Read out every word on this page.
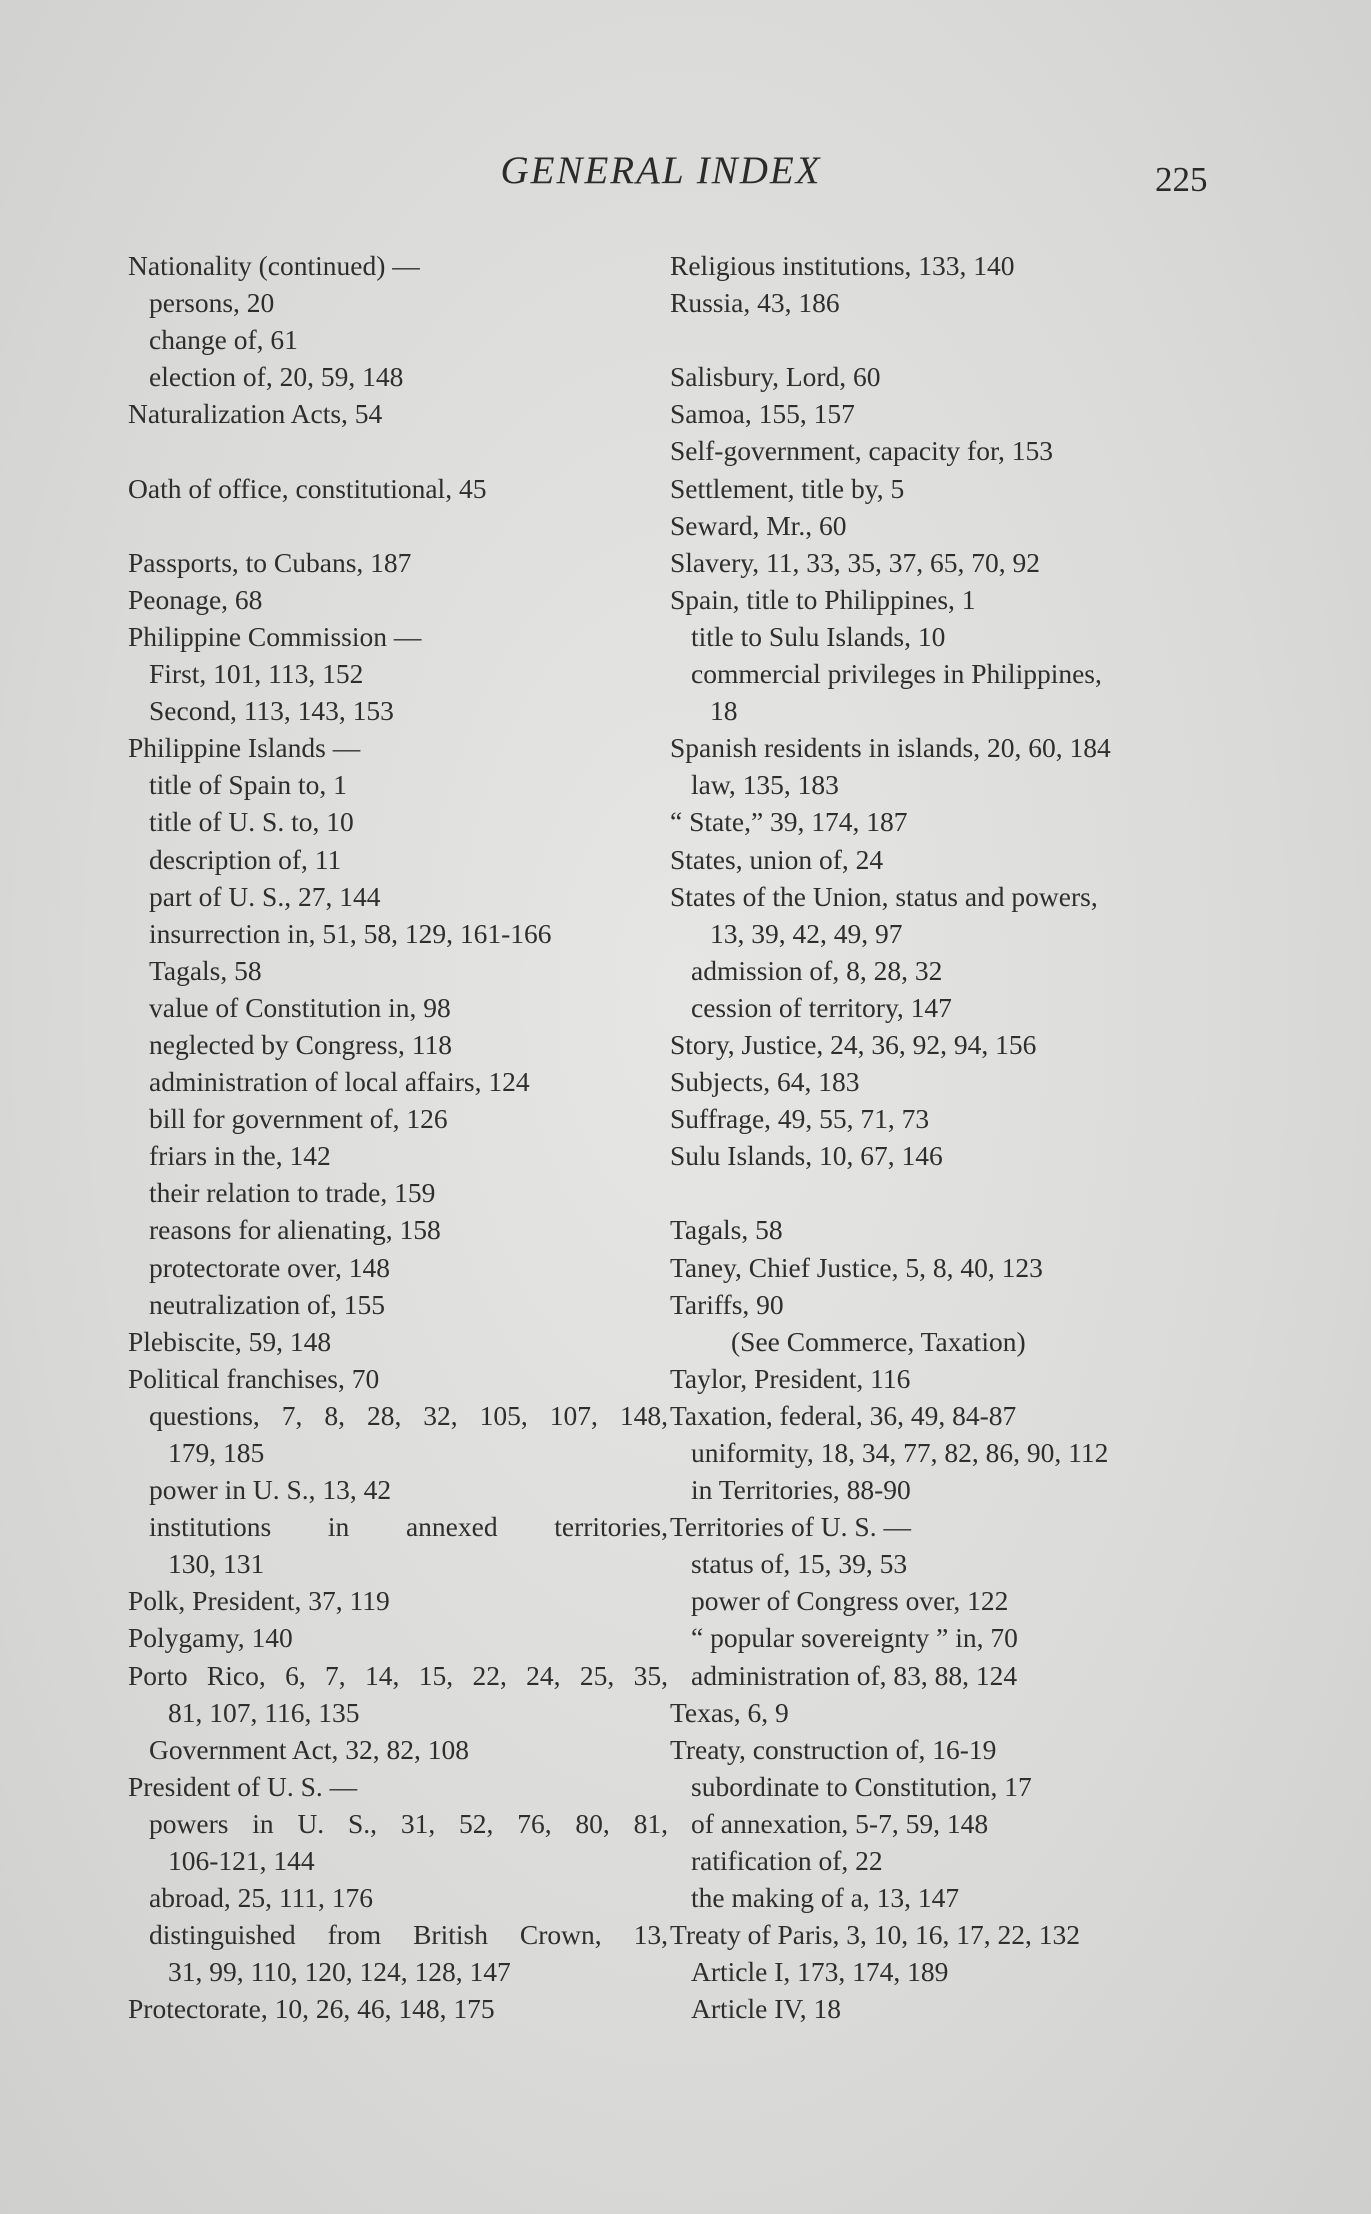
GENERAL INDEX	225
Nationality (continued) —
persons, 20
change of, 61
election of, 20, 59, 148
Naturalization Acts, 54
Oath of office, constitutional, 45
Passports, to Cubans, 187
Peonage, 68
Philippine Commission —
First, 101, 113, 152
Second, 113, 143, 153
Philippine Islands —
title of Spain to, 1
title of U. S. to, 10
description of, 11
part of U. S., 27, 144
insurrection in, 51, 58, 129, 161-166
Tagals, 58
value of Constitution in, 98
neglected by Congress, 118
administration of local affairs, 124
bill for government of, 126
friars in the, 142
their relation to trade, 159
reasons for alienating, 158
protectorate over, 148
neutralization of, 155
Plebiscite, 59, 148
Political franchises, 70
questions, 7, 8, 28, 32, 105, 107, 148,
179, 185
power in U. S., 13, 42
institutions in annexed territories,
130, 131
Polk, President, 37, 119
Polygamy, 140
Porto Rico, 6, 7, 14, 15, 22, 24, 25, 35,
81, 107, 116, 135
Government Act, 32, 82, 108
President of U. S. —
powers in U. S., 31, 52, 76, 80, 81,
106-121, 144
abroad, 25, 111, 176
distinguished from British Crown, 13,
31, 99, 110, 120, 124, 128, 147
Protectorate, 10, 26, 46, 148, 175
Religious institutions, 133, 140
Russia, 43, 186
Salisbury, Lord, 60
Samoa, 155, 157
Self-government, capacity for, 153
Settlement, title by, 5
Seward, Mr., 60
Slavery, 11, 33, 35, 37, 65, 70, 92
Spain, title to Philippines, 1
title to Sulu Islands, 10
commercial privileges in Philippines,
18
Spanish residents in islands, 20, 60, 184
law, 135, 183
“ State,” 39, 174, 187
States, union of, 24
States of the Union, status and powers,
13, 39, 42, 49, 97
admission of, 8, 28, 32
cession of territory, 147
Story, Justice, 24, 36, 92, 94, 156
Subjects, 64, 183
Suffrage, 49, 55, 71, 73
Sulu Islands, 10, 67, 146
Tagals, 58
Taney, Chief Justice, 5, 8, 40, 123
Tariffs, 90
(See Commerce, Taxation)
Taylor, President, 116
Taxation, federal, 36, 49, 84-87
uniformity, 18, 34, 77, 82, 86, 90, 112
in Territories, 88-90
Territories of U. S. —
status of, 15, 39, 53
power of Congress over, 122
“ popular sovereignty ” in, 70
administration of, 83, 88, 124
Texas, 6, 9
Treaty, construction of, 16-19
subordinate to Constitution, 17
of annexation, 5-7, 59, 148
ratification of, 22
the making of a, 13, 147
Treaty of Paris, 3, 10, 16, 17, 22, 132
Article I, 173, 174, 189
Article IV, 18
